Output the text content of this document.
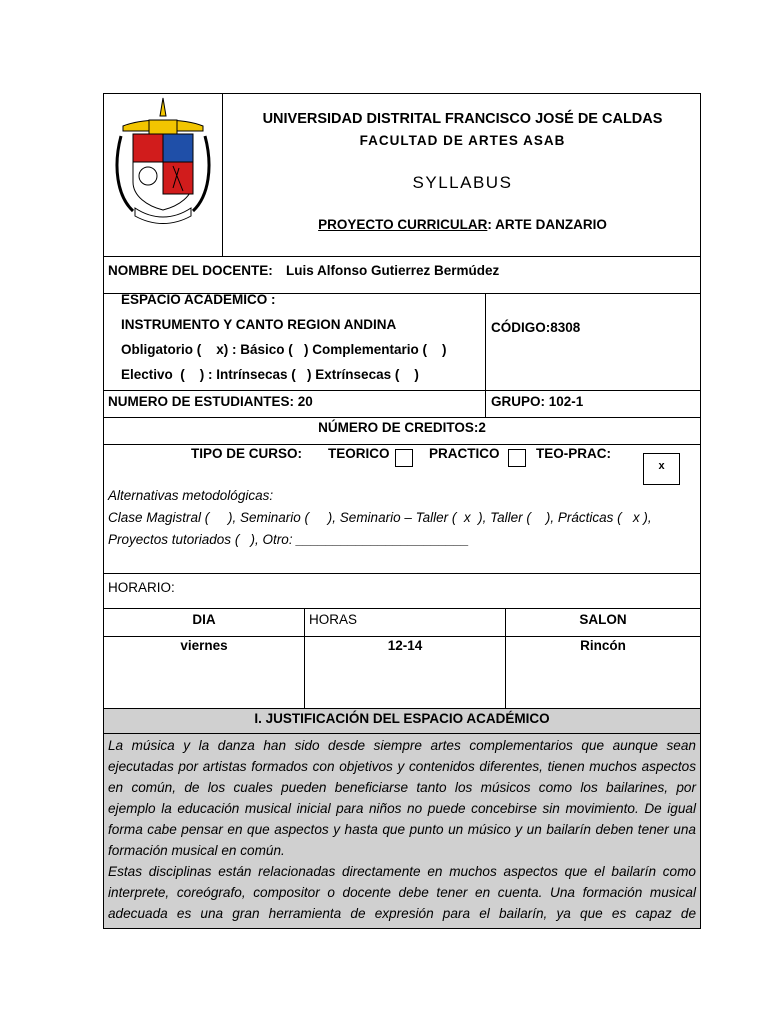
UNIVERSIDAD DISTRITAL FRANCISCO JOSÉ DE CALDAS
FACULTAD DE ARTES ASAB
SYLLABUS
PROYECTO CURRICULAR: ARTE DANZARIO
NOMBRE DEL DOCENTE: Luis Alfonso Gutierrez Bermúdez
ESPACIO ACADEMICO :
INSTRUMENTO Y CANTO REGION ANDINA
Obligatorio (    x) : Básico (   ) Complementario (    )
Electivo  (    ) : Intrínsecas (   ) Extrínsecas (    )
CÓDIGO:8308
NUMERO DE ESTUDIANTES: 20	GRUPO: 102-1
NÚMERO DE CREDITOS:2
TIPO DE CURSO: TEORICO	PRACTICO	TEO-PRAC:
x
Alternativas metodológicas:
Clase Magistral (     ), Seminario (     ), Seminario – Taller (  x  ), Taller (    ), Prácticas (   x ),
Proyectos tutoriados (   ), Otro: _______________________
HORARIO:
DIA	HORAS	SALON
viernes	12-14	Rincón
I. JUSTIFICACIÓN DEL ESPACIO ACADÉMICO
La música y la danza han sido desde siempre artes complementarios que aunque sean
ejecutadas por artistas formados con objetivos y contenidos diferentes, tienen muchos aspectos
en común, de los cuales pueden beneficiarse tanto los músicos como los bailarines, por
ejemplo la educación musical inicial para niños no puede concebirse sin movimiento. De igual
forma cabe pensar en que aspectos y hasta que punto un músico y un bailarín deben tener una
formación musical en común.
Estas disciplinas están relacionadas directamente en muchos aspectos que el bailarín como
interprete, coreógrafo, compositor o docente debe tener en cuenta. Una formación musical
adecuada es una gran herramienta de expresión para el bailarín, ya que es capaz de
